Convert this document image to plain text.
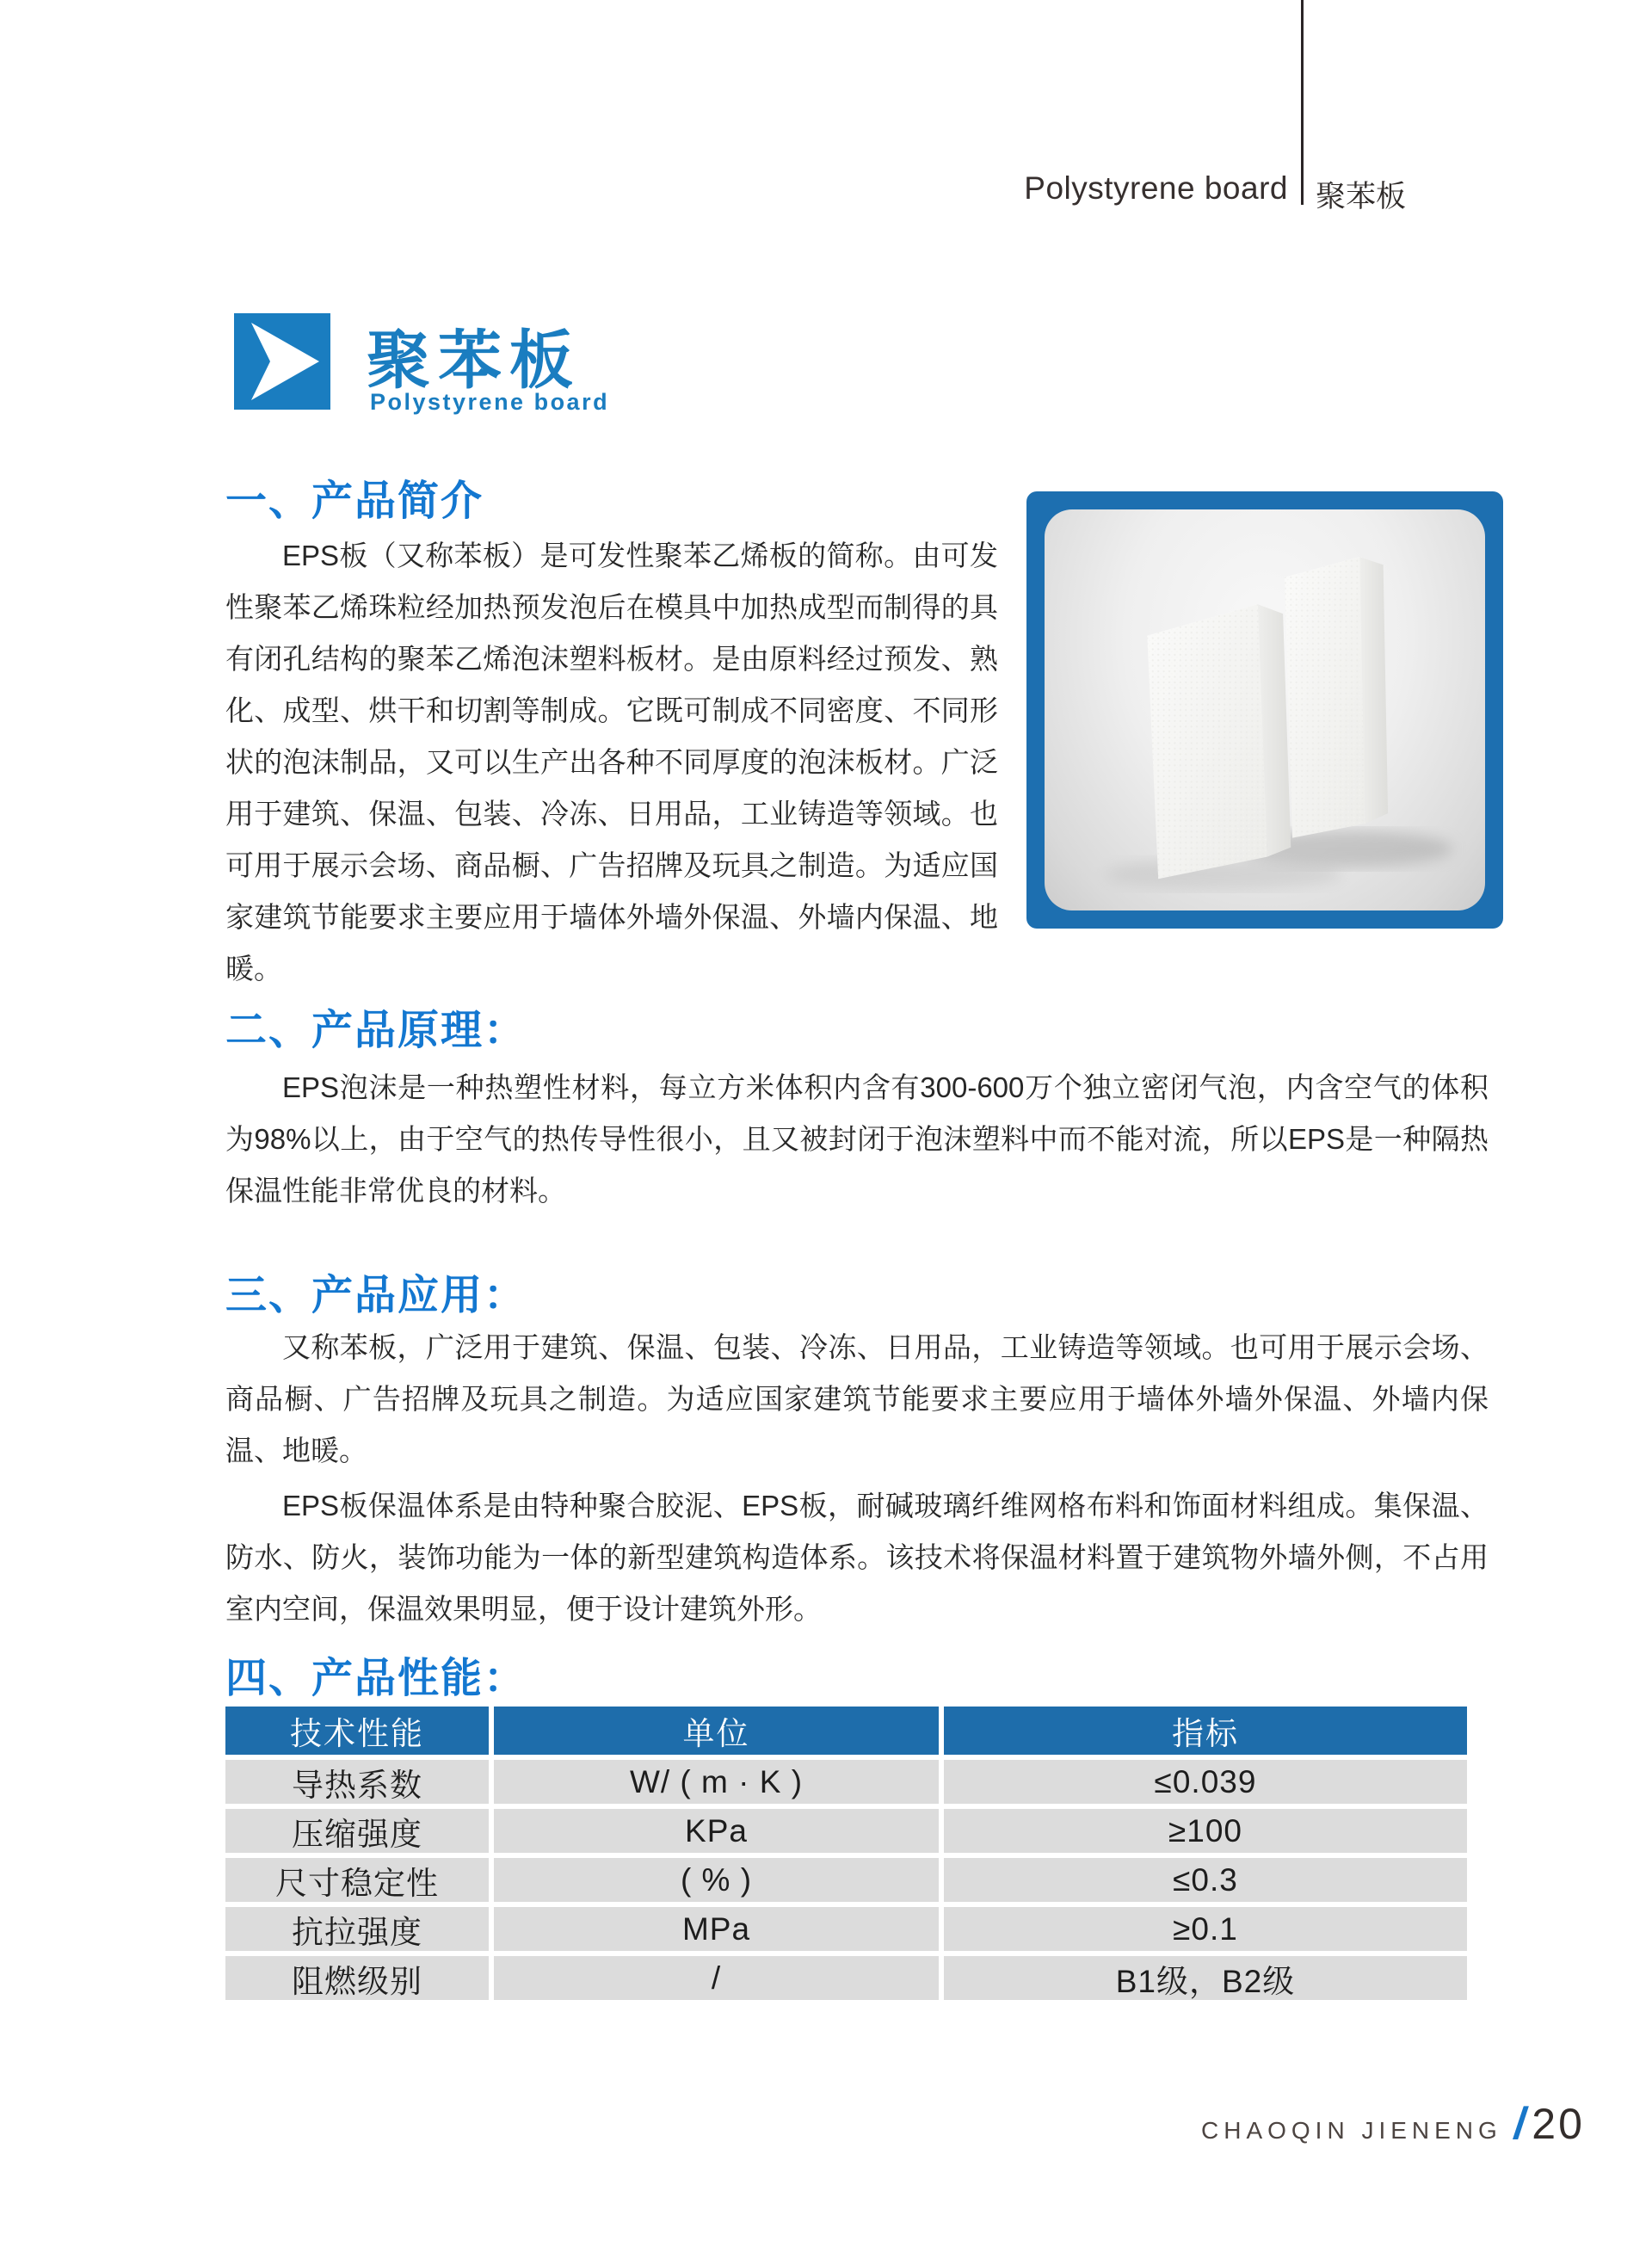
Polystyrene board 聚苯板
聚苯板
Polystyrene board
一、产品简介

EPS板（又称苯板）是可发性聚苯乙烯板的简称。由可发性聚苯乙烯珠粒经加热预发泡后在模具中加热成型而制得的具有闭孔结构的聚苯乙烯泡沫塑料板材。是由原料经过预发、熟化、成型、烘干和切割等制成。它既可制成不同密度、不同形状的泡沫制品，又可以生产出各种不同厚度的泡沫板材。广泛用于建筑、保温、包装、冷冻、日用品，工业铸造等领域。也可用于展示会场、商品橱、广告招牌及玩具之制造。为适应国家建筑节能要求主要应用于墙体外墙外保温、外墙内保温、地暖。

二、产品原理：

EPS泡沫是一种热塑性材料，每立方米体积内含有300-600万个独立密闭气泡，内含空气的体积为98%以上，由于空气的热传导性很小，且又被封闭于泡沫塑料中而不能对流，所以EPS是一种隔热保温性能非常优良的材料。

三、产品应用：

又称苯板，广泛用于建筑、保温、包装、冷冻、日用品，工业铸造等领域。也可用于展示会场、商品橱、广告招牌及玩具之制造。为适应国家建筑节能要求主要应用于墙体外墙外保温、外墙内保温、地暖。

EPS板保温体系是由特种聚合胶泥、EPS板，耐碱玻璃纤维网格布料和饰面材料组成。集保温、防水、防火，装饰功能为一体的新型建筑构造体系。该技术将保温材料置于建筑物外墙外侧，不占用室内空间，保温效果明显，便于设计建筑外形。

四、产品性能：
技术性能	单位	指标
导热系数	W/ ( m · K )	≤0.039
压缩强度	KPa	≥100
尺寸稳定性	( % )	≤0.3
抗拉强度	MPa	≥0.1
阻燃级别	/	B1级，B2级
CHAOQIN JIENENG / 20
